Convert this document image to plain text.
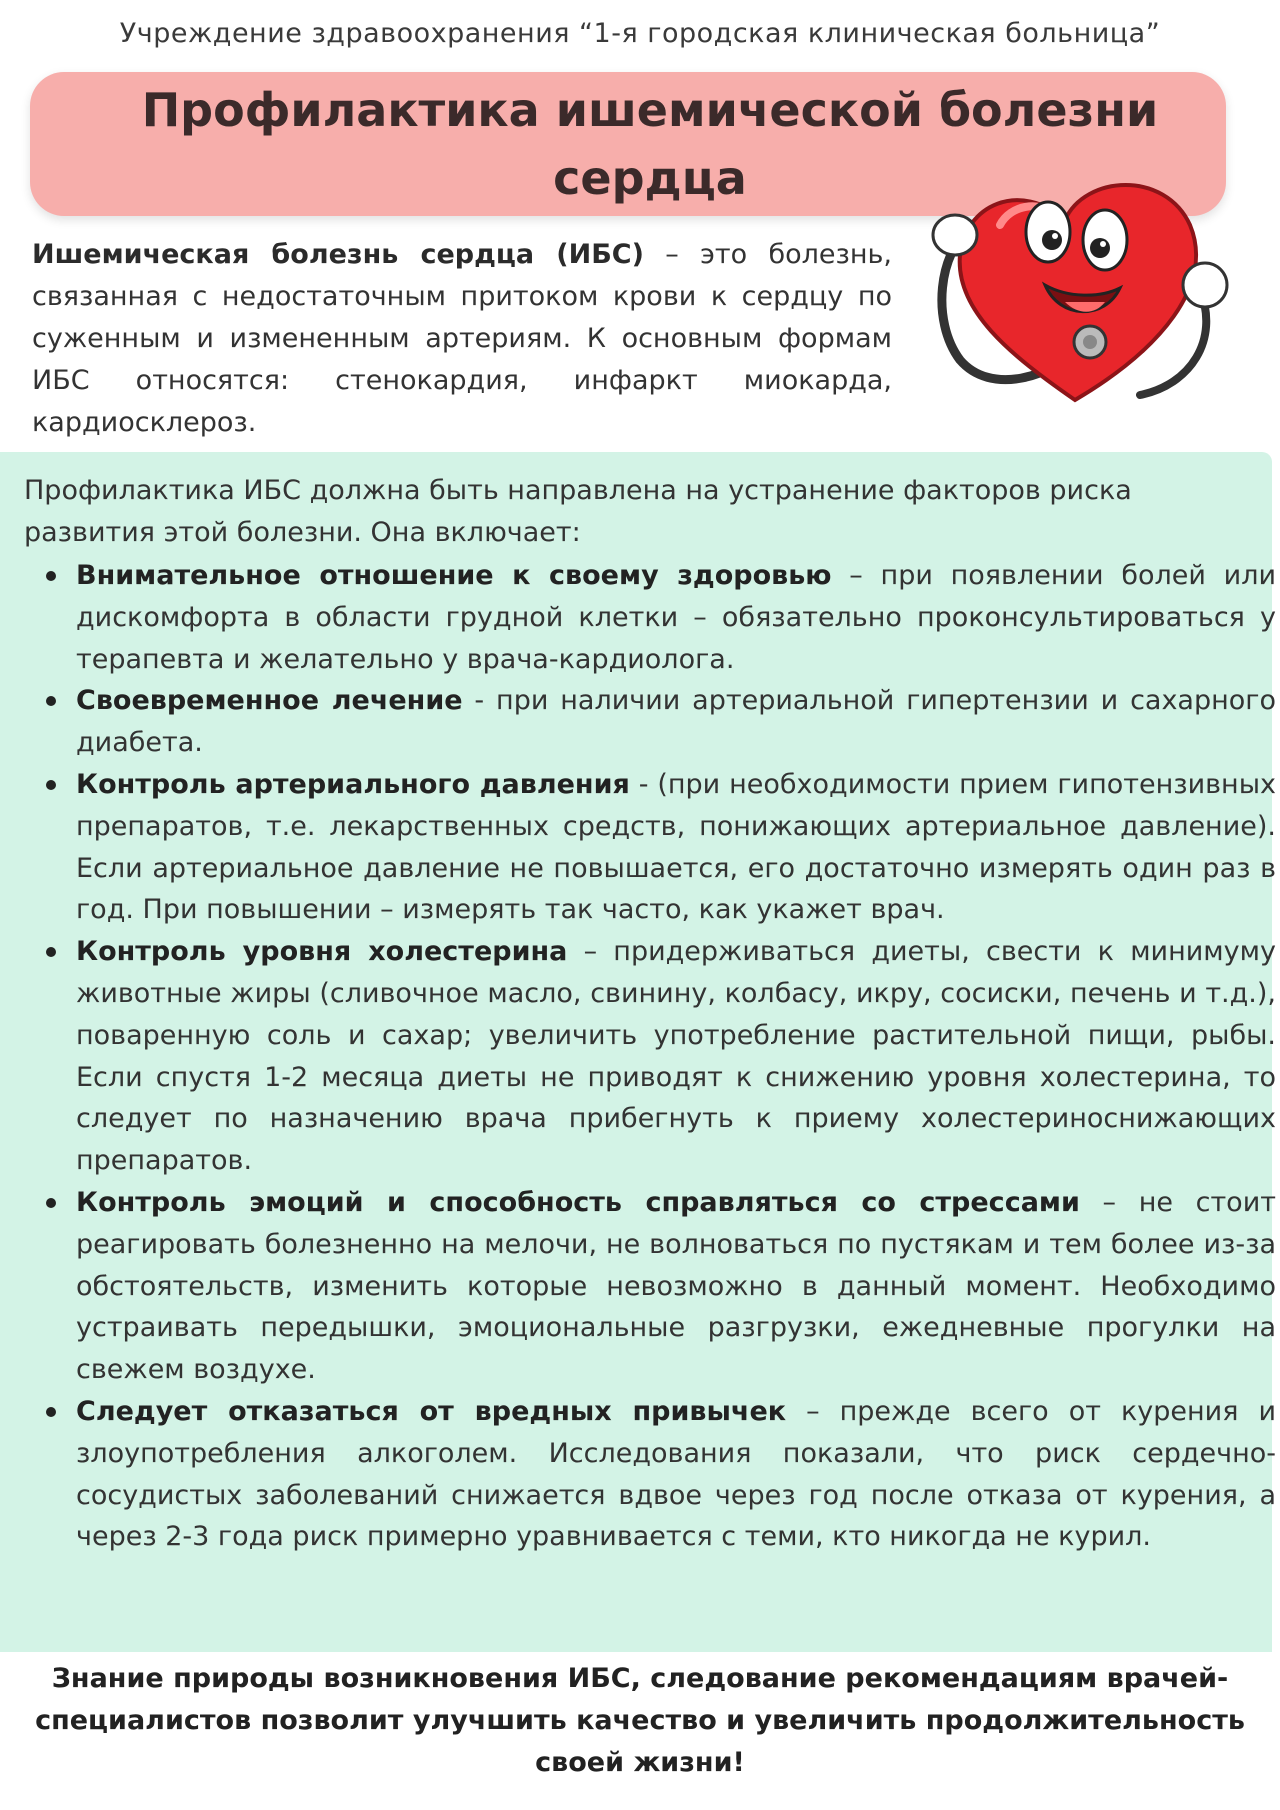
Учреждение здравоохранения “1-я городская клиническая больница”
Профилактика ишемической болезни сердца
Ишемическая болезнь сердца (ИБС) – это болезнь, связанная с недостаточным притоком крови к сердцу по суженным и измененным артериям. К основным формам ИБС относятся: стенокардия, инфаркт миокарда, кардиосклероз.
Профилактика ИБС должна быть направлена на устранение факторов риска развития этой болезни. Она включает:
Внимательное отношение к своему здоровью – при появлении болей или дискомфорта в области грудной клетки – обязательно проконсультироваться у терапевта и желательно у врача-кардиолога.
Своевременное лечение - при наличии артериальной гипертензии и сахарного диабета.
Контроль артериального давления - (при необходимости прием гипотензивных препаратов, т.е. лекарственных средств, понижающих артериальное давление). Если артериальное давление не повышается, его достаточно измерять один раз в год. При повышении – измерять так часто, как укажет врач.
Контроль уровня холестерина – придерживаться диеты, свести к минимуму животные жиры (сливочное масло, свинину, колбасу, икру, сосиски, печень и т.д.), поваренную соль и сахар; увеличить употребление растительной пищи, рыбы. Если спустя 1-2 месяца диеты не приводят к снижению уровня холестерина, то следует по назначению врача прибегнуть к приему холестериноснижающих препаратов.
Контроль эмоций и способность справляться со стрессами – не стоит реагировать болезненно на мелочи, не волноваться по пустякам и тем более из-за обстоятельств, изменить которые невозможно в данный момент. Необходимо устраивать передышки, эмоциональные разгрузки, ежедневные прогулки на свежем воздухе.
Следует отказаться от вредных привычек – прежде всего от курения и злоупотребления алкоголем. Исследования показали, что риск сердечно-сосудистых заболеваний снижается вдвое через год после отказа от курения, а через 2-3 года риск примерно уравнивается с теми, кто никогда не курил.
Знание природы возникновения ИБС, следование рекомендациям врачей-специалистов позволит улучшить качество и увеличить продолжительность своей жизни!
